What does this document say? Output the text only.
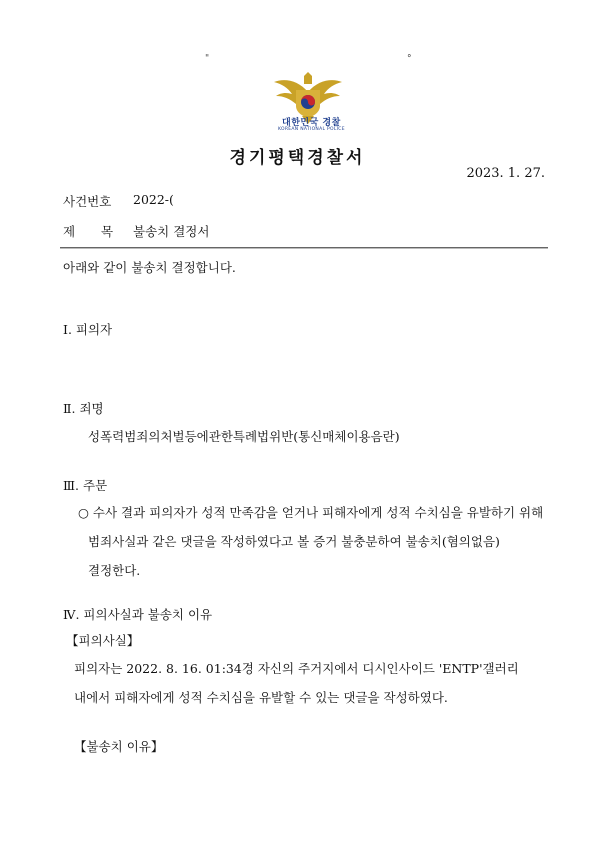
"	°
대한민국 경찰
KOREAN NATIONAL POLICE
경기평택경찰서
2023. 1. 27.
사건번호 2022-(
제 목 불송치 결정서
아래와 같이 불송치 결정합니다.
Ⅰ. 피의자
Ⅱ. 죄명
성폭력범죄의처벌등에관한특례법위반(통신매체이용음란)
Ⅲ. 주문
○ 수사 결과 피의자가 성적 만족감을 얻거나 피해자에게 성적 수치심을 유발하기 위해 범죄사실과 같은 댓글을 작성하였다고 볼 증거 불충분하여 불송치(혐의없음) 결정한다.
Ⅳ. 피의사실과 불송치 이유
【피의사실】
피의자는 2022. 8. 16. 01:34경 자신의 주거지에서 디시인사이드 'ENTP'갤러리
내에서 피해자에게 성적 수치심을 유발할 수 있는 댓글을 작성하였다.
【불송치 이유】
